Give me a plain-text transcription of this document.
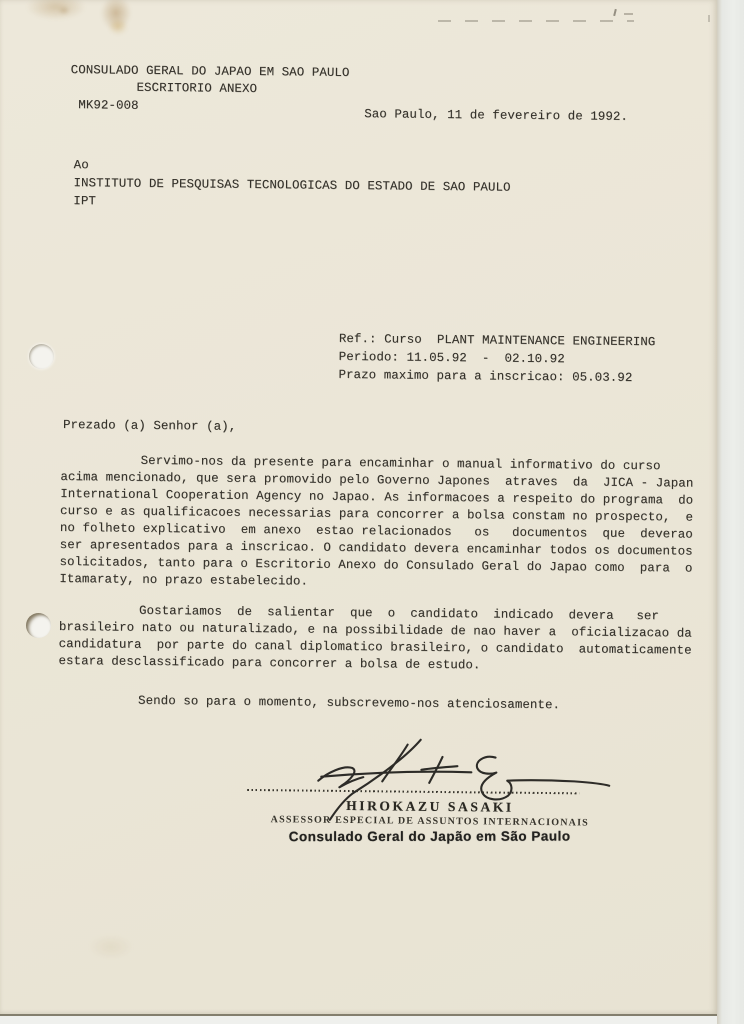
CONSULADO GERAL DO JAPAO EM SAO PAULO
ESCRITORIO ANEXO
MK92-008
Sao Paulo, 11 de fevereiro de 1992.
Ao
INSTITUTO DE PESQUISAS TECNOLOGICAS DO ESTADO DE SAO PAULO
IPT
Ref.: Curso  PLANT MAINTENANCE ENGINEERING
Periodo: 11.05.92  -  02.10.92
Prazo maximo para a inscricao: 05.03.92
Prezado (a) Senhor (a),
Servimo-nos da presente para encaminhar o manual informativo do curso
acima mencionado, que sera promovido pelo Governo Japones  atraves  da  JICA - Japan
International Cooperation Agency no Japao. As informacoes a respeito do programa  do
curso e as qualificacoes necessarias para concorrer a bolsa constam no prospecto,  e
no folheto explicativo  em anexo  estao relacionados   os   documentos  que  deverao
ser apresentados para a inscricao. O candidato devera encaminhar todos os documentos
solicitados, tanto para o Escritorio Anexo do Consulado Geral do Japao como  para  o
Itamaraty, no prazo estabelecido.
Gostariamos  de  salientar  que  o  candidato  indicado  devera   ser
brasileiro nato ou naturalizado, e na possibilidade de nao haver a  oficializacao da
candidatura  por parte do canal diplomatico brasileiro, o candidato  automaticamente
estara desclassificado para concorrer a bolsa de estudo.
Sendo so para o momento, subscrevemo-nos atenciosamente.
HIROKAZU SASAKI
ASSESSOR ESPECIAL DE ASSUNTOS INTERNACIONAIS
Consulado Geral do Japão em São Paulo
